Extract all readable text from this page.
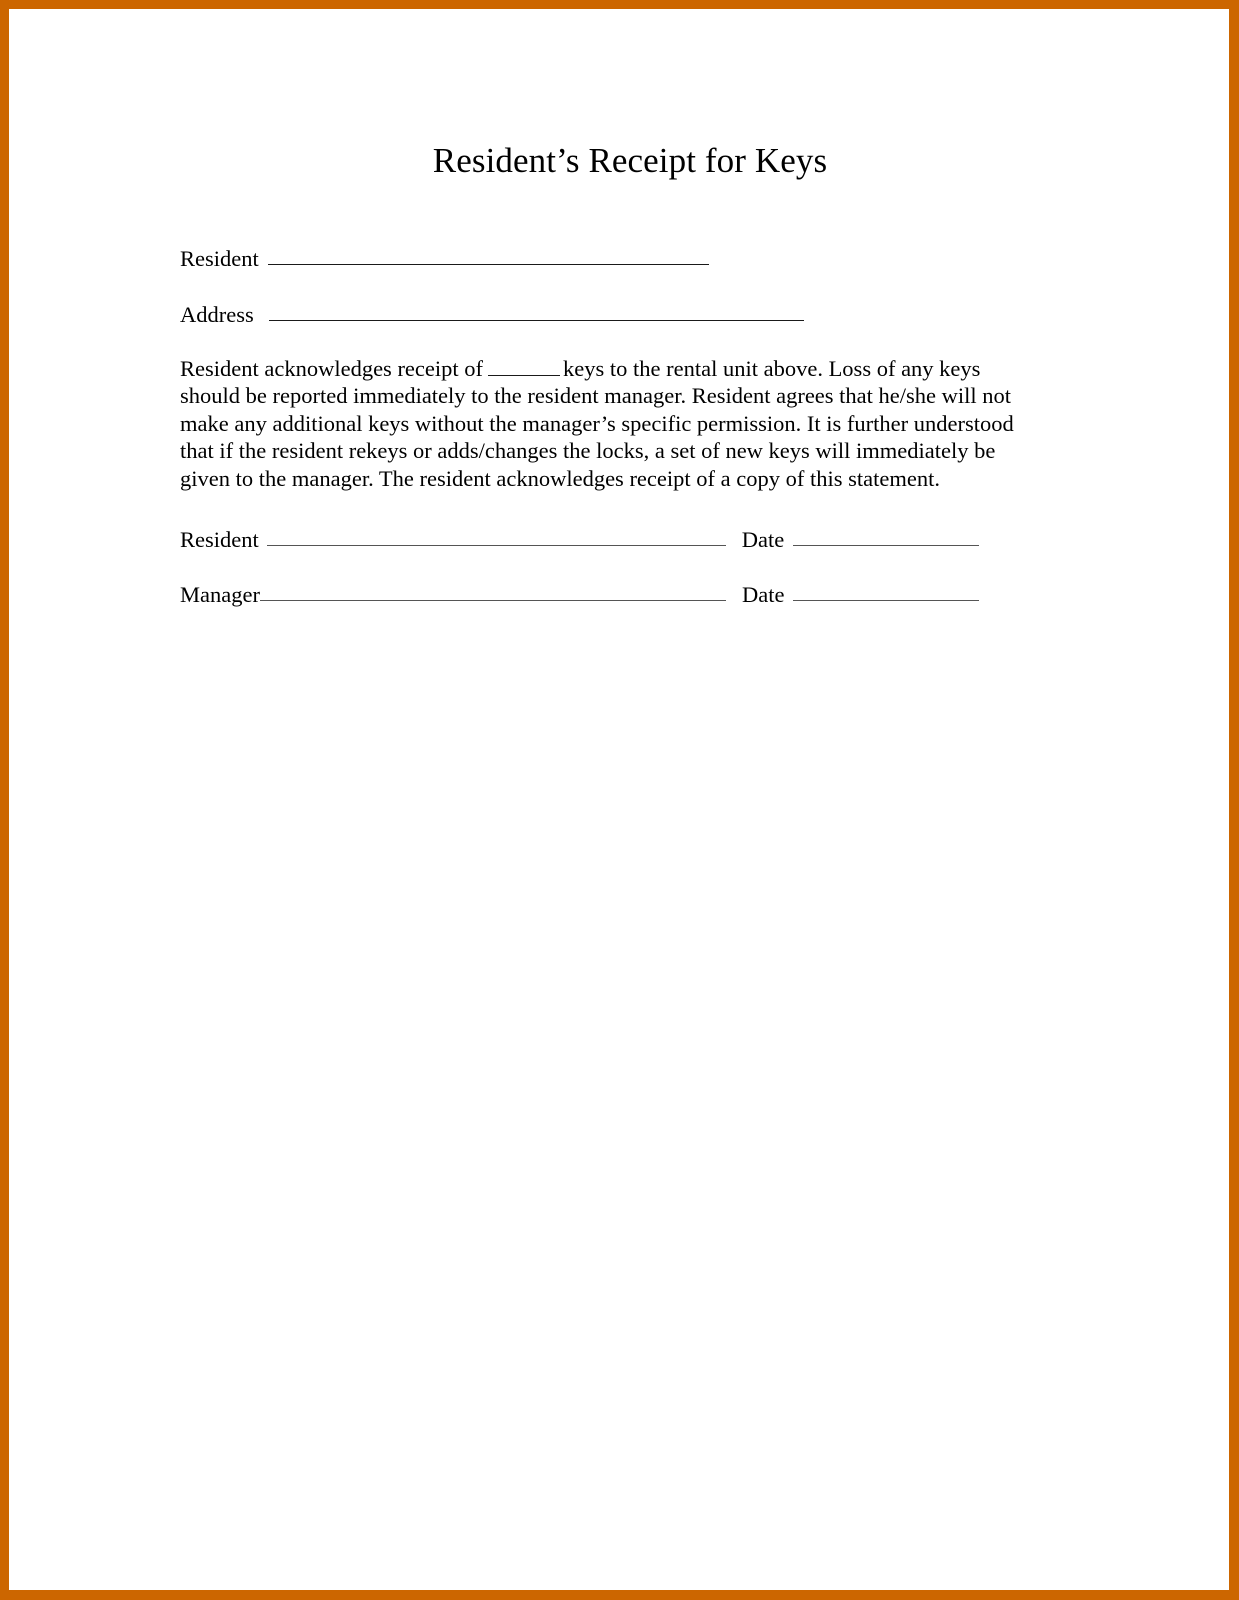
Resident’s Receipt for Keys
Resident
Address

Resident acknowledges receipt of	keys to the rental unit above. Loss of any keys should be reported immediately to the resident manager. Resident agrees that he/she will not make any additional keys without the manager’s specific permission. It is further understood that if the resident rekeys or adds/changes the locks, a set of new keys will immediately be given to the manager. The resident acknowledges receipt of a copy of this statement.

Resident	Date
Manager	Date
